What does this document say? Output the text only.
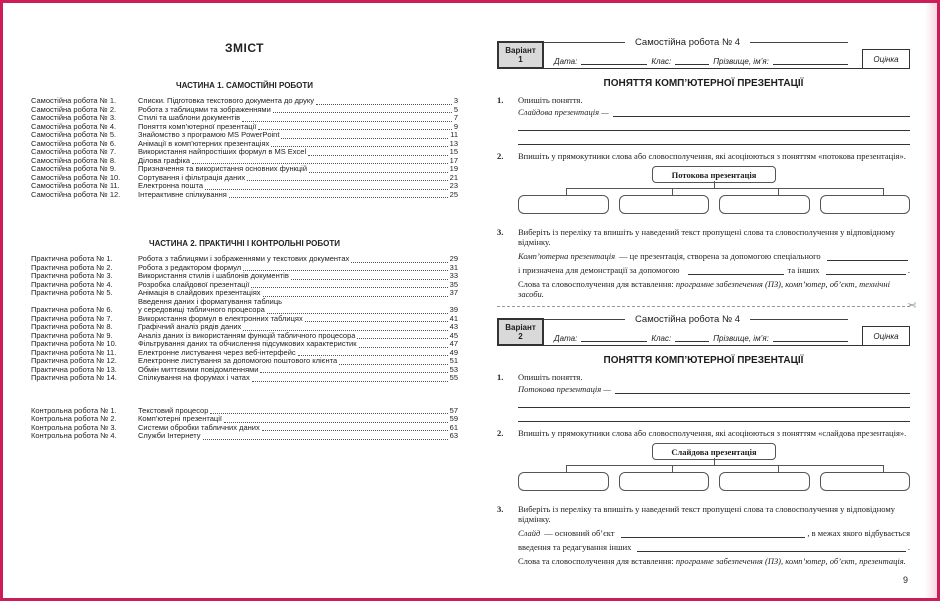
ЗМІСТ
ЧАСТИНА 1. САМОСТІЙНІ РОБОТИ
Самостійна робота № 1.	Списки. Підготовка текстового документа до друку	3
Самостійна робота № 2.	Робота з таблицями та зображеннями	5
Самостійна робота № 3.	Стилі та шаблони документів	7
Самостійна робота № 4.	Поняття комп’ютерної презентації	9
Самостійна робота № 5.	Знайомство з програмою MS PowerPoint	11
Самостійна робота № 6.	Анімації в комп’ютерних презентаціях	13
Самостійна робота № 7.	Використання найпростіших формул в MS Excel	15
Самостійна робота № 8.	Ділова графіка	17
Самостійна робота № 9.	Призначення та використання основних функцій	19
Самостійна робота № 10.	Сортування і фільтрація даних	21
Самостійна робота № 11.	Електронна пошта	23
Самостійна робота № 12.	Інтерактивне спілкування	25
ЧАСТИНА 2. ПРАКТИЧНІ І КОНТРОЛЬНІ РОБОТИ
Практична робота № 1.	Робота з таблицями і зображеннями у текстових документах	29
Практична робота № 2.	Робота з редактором формул	31
Практична робота № 3.	Використання стилів і шаблонів документів	33
Практична робота № 4.	Розробка слайдової презентації	35
Практична робота № 5.	Анімація в слайдових презентаціях	37
Практична робота № 6.
Введення даних і форматування таблиць
у середовищі табличного процесора	39
Практична робота № 7.	Використання формул в електронних таблицях	41
Практична робота № 8.	Графічний аналіз рядів даних	43
Практична робота № 9.	Аналіз даних із використанням функцій табличного процесора	45
Практична робота № 10.	Фільтрування даних та обчислення підсумкових характеристик	47
Практична робота № 11.	Електронне листування через веб-інтерфейс	49
Практична робота № 12.	Електронне листування за допомогою поштового клієнта	51
Практична робота № 13.	Обмін миттєвими повідомленнями	53
Практична робота № 14.	Спілкування на форумах і чатах	55
Контрольна робота № 1.	Текстовий процесор	57
Контрольна робота № 2.	Комп’ютерні презентації	59
Контрольна робота № 3.	Системи обробки табличних даних	61
Контрольна робота № 4.	Служби Інтернету	63
Самостійна робота № 4
Варіант
1	Дата:	Клас:	Прізвище, ім’я:	Оцінка
ПОНЯТТЯ КОМП’ЮТЕРНОЇ ПРЕЗЕНТАЦІЇ
1.	Опишіть поняття.
Слайдова презентація —
2.	Впишіть у прямокутники слова або словосполучення, які асоціюються з поняттям «потокова презентація».
Потокова презентація
3.	Виберіть із переліку та впишіть у наведений текст пропущені слова та словосполучення у відповідному відмінку.
Комп’ютерна презентація — це презентація, створена за допомогою спеціального
і призначена для демонстрації за допомогою	та інших	.
Слова та словосполучення для вставлення: програмне забезпечення (ПЗ), комп’ютер, об’єкт, технічні засоби.
✂
Самостійна робота № 4
Варіант
2	Дата:	Клас:	Прізвище, ім’я:	Оцінка
ПОНЯТТЯ КОМП’ЮТЕРНОЇ ПРЕЗЕНТАЦІЇ
1.	Опишіть поняття.
Потокова презентація —
2.	Впишіть у прямокутники слова або словосполучення, які асоціюються з поняттям «слайдова презентація».
Слайдова презентація
3.	Виберіть із переліку та впишіть у наведений текст пропущені слова та словосполучення у відповідному відмінку.
Слайд — основний об’єкт	, в межах якого відбувається
введення та редагування інших	.
Слова та словосполучення для вставлення: програмне забезпечення (ПЗ), комп’ютер, об’єкт, презентація.
9
